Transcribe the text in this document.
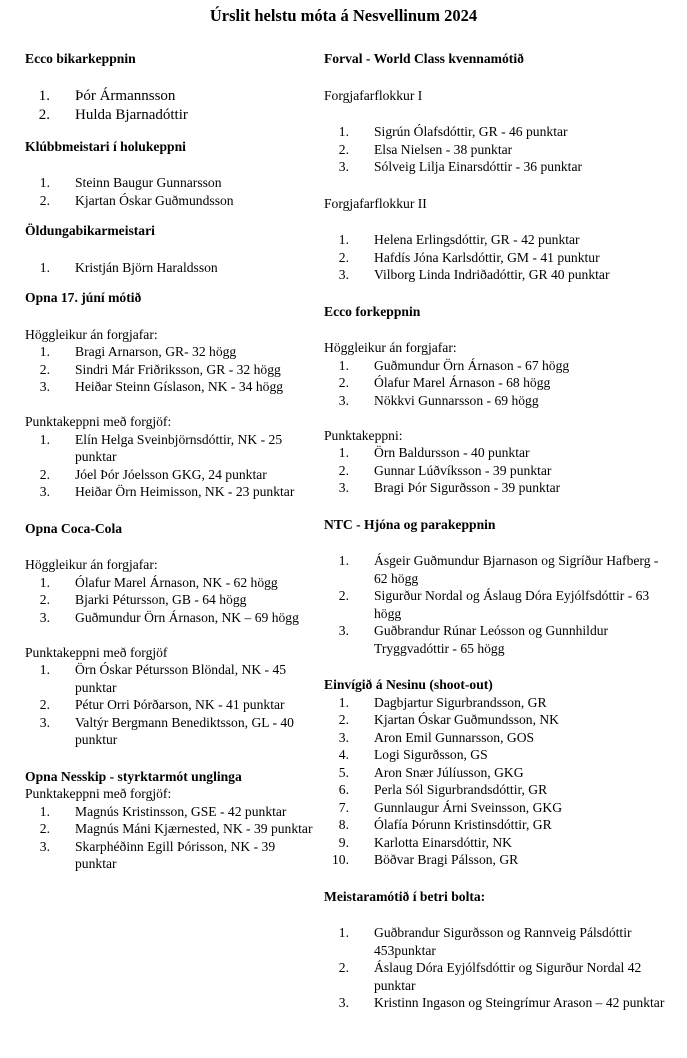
Úrslit helstu móta á Nesvellinum 2024
Ecco bikarkeppnin
1. Þór Ármannsson
2. Hulda Bjarnadóttir
Klúbbmeistari í holukeppni
1. Steinn Baugur Gunnarsson
2. Kjartan Óskar Guðmundsson
Öldungabikarmeistari
1. Kristján Björn Haraldsson
Opna 17. júní mótið
Höggleikur án forgjafar:
1. Bragi Arnarson, GR- 32 högg
2. Sindri Már Friðriksson, GR - 32 högg
3. Heiðar Steinn Gíslason, NK - 34 högg
Punktakeppni með forgjöf:
1. Elín Helga Sveinbjörnsdóttir, NK - 25 punktar
2. Jóel Þór Jóelsson GKG, 24 punktar
3. Heiðar Örn Heimisson, NK - 23 punktar
Opna Coca-Cola
Höggleikur án forgjafar:
1. Ólafur Marel Árnason, NK - 62 högg
2. Bjarki Pétursson, GB - 64 högg
3. Guðmundur Örn Árnason, NK – 69 högg
Punktakeppni með forgjöf
1. Örn Óskar Pétursson Blöndal, NK - 45 punktar
2. Pétur Orri Þórðarson, NK - 41 punktar
3. Valtýr Bergmann Benediktsson, GL - 40 punktur
Opna Nesskip - styrktarmót unglinga
Punktakeppni með forgjöf:
1. Magnús Kristinsson, GSE - 42 punktar
2. Magnús Máni Kjærnested, NK - 39 punktar
3. Skarphéðinn Egill Þórisson, NK - 39 punktar
Forval - World Class kvennamótið
Forgjafarflokkur I
1. Sigrún Ólafsdóttir, GR - 46 punktar
2. Elsa Nielsen - 38 punktar
3. Sólveig Lilja Einarsdóttir - 36 punktar
Forgjafarflokkur II
1. Helena Erlingsdóttir, GR - 42 punktar
2. Hafdís Jóna Karlsdóttir, GM - 41 punktur
3. Vilborg Linda Indriðadóttir, GR 40 punktar
Ecco forkeppnin
Höggleikur án forgjafar:
1. Guðmundur Örn Árnason - 67 högg
2. Ólafur Marel Árnason - 68 högg
3. Nökkvi Gunnarsson - 69 högg
Punktakeppni:
1. Örn Baldursson - 40 punktar
2. Gunnar Lúðvíksson - 39 punktar
3. Bragi Þór Sigurðsson - 39 punktar
NTC - Hjóna og parakeppnin
1. Ásgeir Guðmundur Bjarnason og Sigríður Hafberg - 62 högg
2. Sigurður Nordal og Áslaug Dóra Eyjólfsdóttir - 63 högg
3. Guðbrandur Rúnar Leósson og Gunnhildur Tryggvadóttir - 65 högg
Einvígið á Nesinu (shoot-out)
1. Dagbjartur Sigurbrandsson, GR
2. Kjartan Óskar Guðmundsson, NK
3. Aron Emil Gunnarsson, GOS
4. Logi Sigurðsson, GS
5. Aron Snær Júlíusson, GKG
6. Perla Sól Sigurbrandsdóttir, GR
7. Gunnlaugur Árni Sveinsson, GKG
8. Ólafía Þórunn Kristinsdóttir, GR
9. Karlotta Einarsdóttir, NK
10. Böðvar Bragi Pálsson, GR
Meistaramótið í betri bolta:
1. Guðbrandur Sigurðsson og Rannveig Pálsdóttir 453punktar
2. Áslaug Dóra Eyjólfsdóttir og Sigurður Nordal 42 punktar
3. Kristinn Ingason og Steingrímur Arason – 42 punktar
